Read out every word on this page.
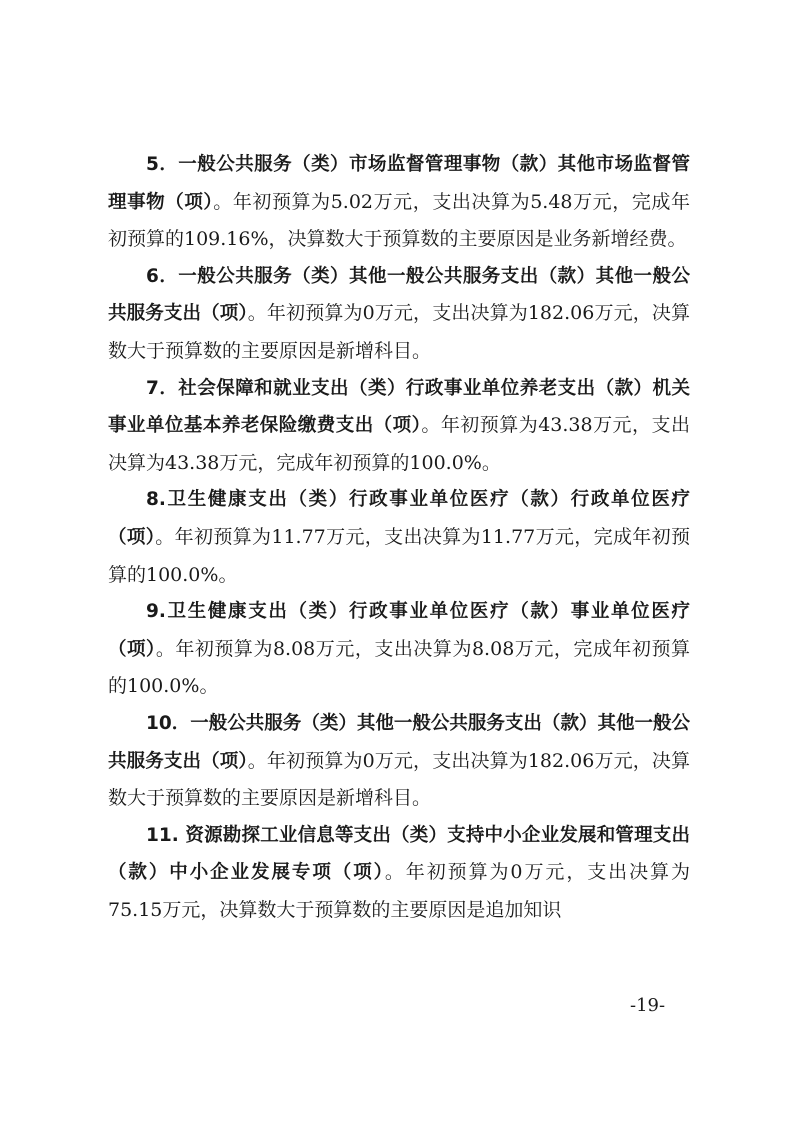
5．一般公共服务（类）市场监督管理事物（款）其他市场监督管理事物（项）。年初预算为5.02万元，支出决算为5.48万元，完成年初预算的109.16%，决算数大于预算数的主要原因是业务新增经费。

6．一般公共服务（类）其他一般公共服务支出（款）其他一般公共服务支出（项）。年初预算为0万元，支出决算为182.06万元，决算数大于预算数的主要原因是新增科目。

7．社会保障和就业支出（类）行政事业单位养老支出（款）机关事业单位基本养老保险缴费支出（项）。年初预算为43.38万元，支出决算为43.38万元，完成年初预算的100.0%。

8.卫生健康支出（类）行政事业单位医疗（款）行政单位医疗（项）。年初预算为11.77万元，支出决算为11.77万元，完成年初预算的100.0%。

9.卫生健康支出（类）行政事业单位医疗（款）事业单位医疗（项）。年初预算为8.08万元，支出决算为8.08万元，完成年初预算的100.0%。

10．一般公共服务（类）其他一般公共服务支出（款）其他一般公共服务支出（项）。年初预算为0万元，支出决算为182.06万元，决算数大于预算数的主要原因是新增科目。

11. 资源勘探工业信息等支出（类）支持中小企业发展和管理支出（款）中小企业发展专项（项）。年初预算为0万元，支出决算为75.15万元，决算数大于预算数的主要原因是追加知识

-19-
